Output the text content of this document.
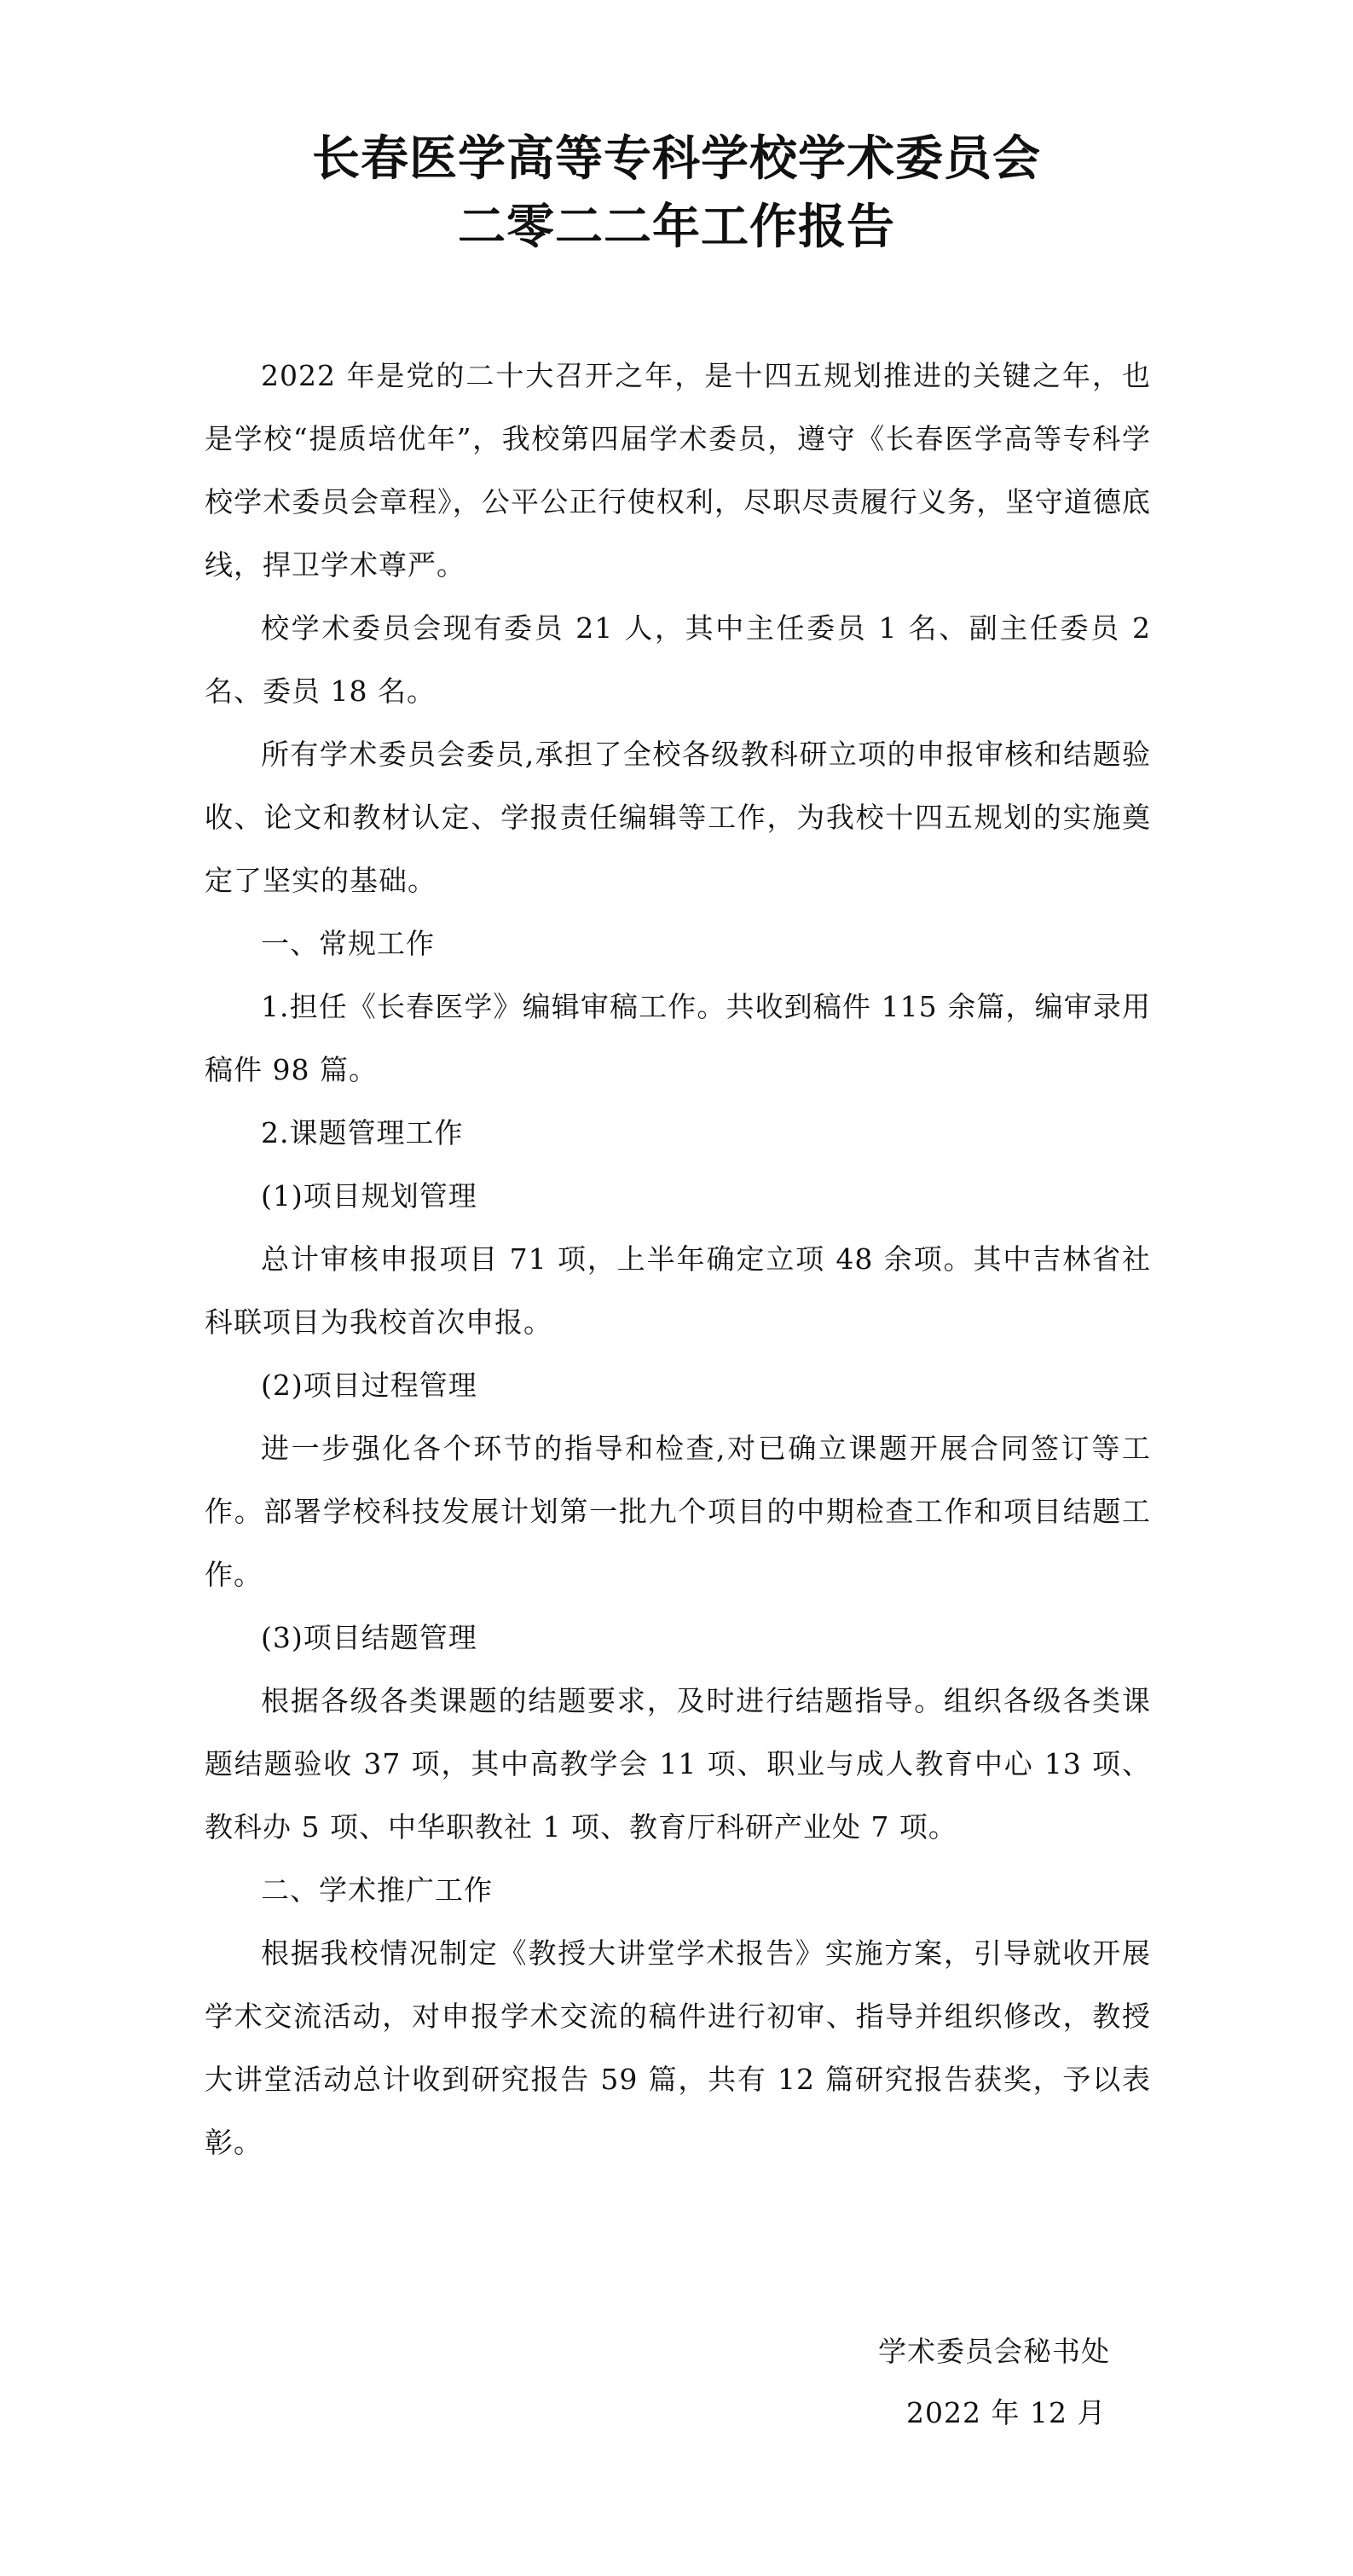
长春医学高等专科学校学术委员会
二零二二年工作报告

2022 年是党的二十大召开之年，是十四五规划推进的关键之年，也是学校“提质培优年”，我校第四届学术委员，遵守《长春医学高等专科学校学术委员会章程》，公平公正行使权利，尽职尽责履行义务，坚守道德底线，捍卫学术尊严。

校学术委员会现有委员 21 人，其中主任委员 1 名、副主任委员 2 名、委员 18 名。

所有学术委员会委员,承担了全校各级教科研立项的申报审核和结题验收、论文和教材认定、学报责任编辑等工作，为我校十四五规划的实施奠定了坚实的基础。

一、常规工作

1.担任《长春医学》编辑审稿工作。共收到稿件 115 余篇，编审录用稿件 98 篇。

2.课题管理工作

(1)项目规划管理

总计审核申报项目 71 项，上半年确定立项 48 余项。其中吉林省社科联项目为我校首次申报。

(2)项目过程管理

进一步强化各个环节的指导和检查,对已确立课题开展合同签订等工作。部署学校科技发展计划第一批九个项目的中期检查工作和项目结题工作。

(3)项目结题管理

根据各级各类课题的结题要求，及时进行结题指导。组织各级各类课题结题验收 37 项，其中高教学会 11 项、职业与成人教育中心 13 项、教科办 5 项、中华职教社 1 项、教育厅科研产业处 7 项。

二、学术推广工作

根据我校情况制定《教授大讲堂学术报告》实施方案，引导就收开展学术交流活动，对申报学术交流的稿件进行初审、指导并组织修改，教授大讲堂活动总计收到研究报告 59 篇，共有 12 篇研究报告获奖，予以表彰。

学术委员会秘书处
2022 年 12 月
